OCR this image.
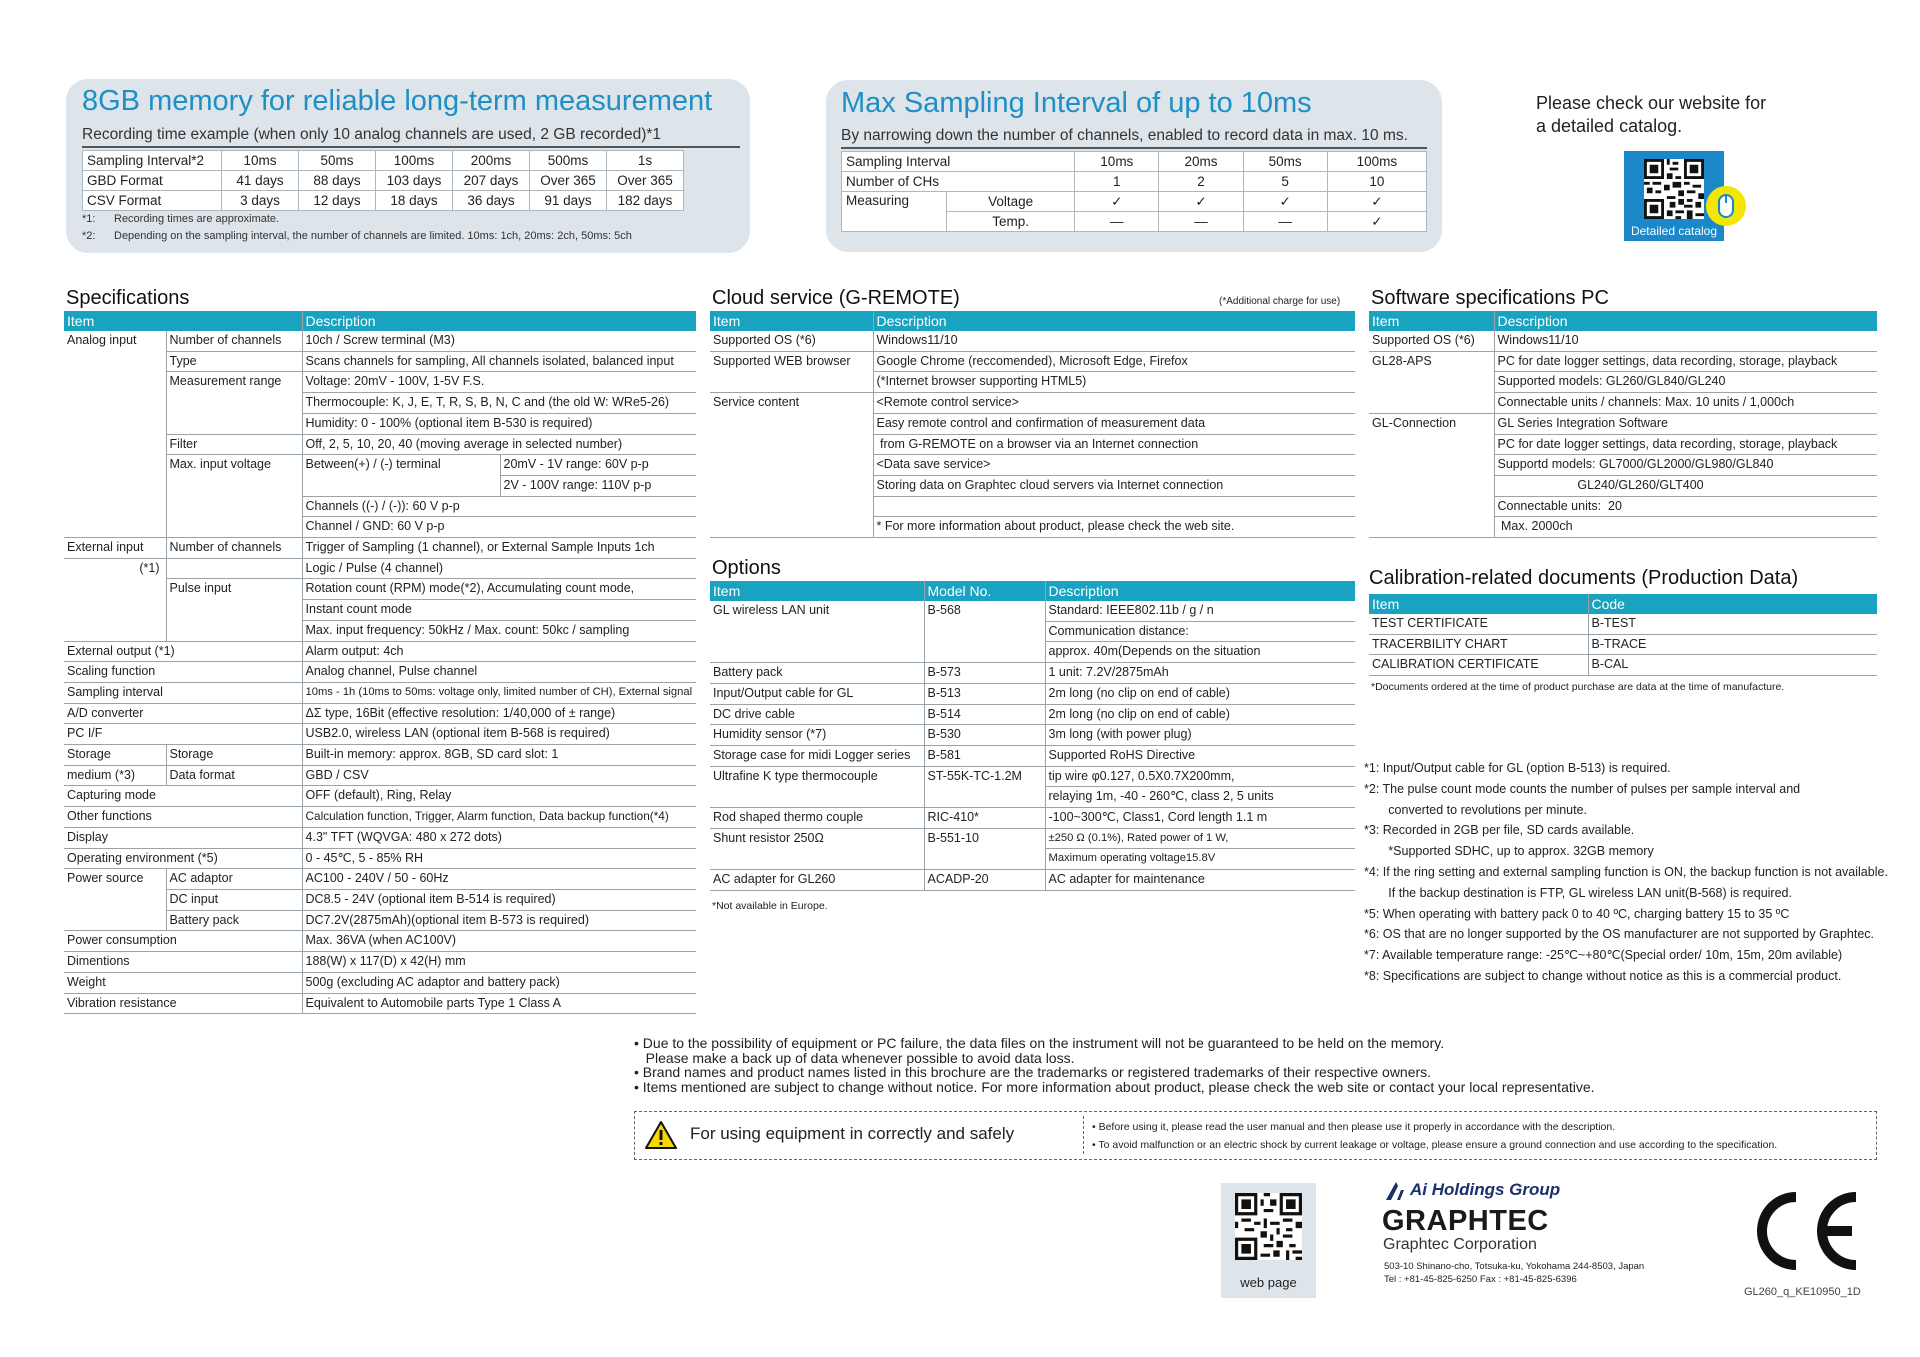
8GB memory for reliable long-term measurement
Recording time example (when only 10 analog channels are used, 2 GB recorded)*1
Sampling Interval*2	10ms	50ms	100ms	200ms	500ms	1s
GBD Format	41 days	88 days	103 days	207 days	Over 365	Over 365
CSV Format	3 days	12 days	18 days	36 days	91 days	182 days
*1: Recording times are approximate.
*2: Depending on the sampling interval, the number of channels are limited. 10ms: 1ch, 20ms: 2ch, 50ms: 5ch
Max Sampling Interval of up to 10ms
By narrowing down the number of channels, enabled to record data in max. 10 ms.
Sampling Interval		10ms	20ms	50ms	100ms
Number of CHs		1	2	5	10
Measuring	Voltage	✓	✓	✓	✓
	Temp.	—	—	—	✓
Please check our website for
a detailed catalog.
Detailed catalog
Specifications
Item		Description	
Analog input	Number of channels	10ch / Screw terminal (M3)	
	Type	Scans channels for sampling, All channels isolated, balanced input	
	Measurement range	Voltage: 20mV - 100V, 1-5V F.S.	
		Thermocouple: K, J, E, T, R, S, B, N, C and (the old W: WRe5-26)	
		Humidity: 0 - 100% (optional item B-530 is required)	
	Filter	Off, 2, 5, 10, 20, 40 (moving average in selected number)	
	Max. input voltage	Between(+) / (-) terminal	20mV - 1V range: 60V p-p
			2V - 100V range: 110V p-p
		Channels ((-) / (-)): 60 V p-p	
		Channel / GND: 60 V p-p	
External input	Number of channels	Trigger of Sampling (1 channel), or External Sample Inputs 1ch	
(*1)		Logic / Pulse (4 channel)	
	Pulse input	Rotation count (RPM) mode(*2), Accumulating count mode,	
		Instant count mode	
		Max. input frequency: 50kHz / Max. count: 50kc / sampling	
External output (*1)		Alarm output: 4ch	
Scaling function		Analog channel, Pulse channel	
Sampling interval		10ms - 1h (10ms to 50ms: voltage only, limited number of CH), External signal	
A/D converter		ΔΣ type, 16Bit (effective resolution: 1/40,000 of ± range)	
PC I/F		USB2.0, wireless LAN (optional item B-568 is required)	
Storage	Storage	Built-in memory: approx. 8GB, SD card slot: 1	
medium (*3)	Data format	GBD / CSV	
Capturing mode		OFF (default), Ring, Relay	
Other functions		Calculation function, Trigger, Alarm function, Data backup function(*4)	
Display		4.3" TFT (WQVGA: 480 x 272 dots)	
Operating environment (*5)		0 - 45℃, 5 - 85% RH	
Power source	AC adaptor	AC100 - 240V / 50 - 60Hz	
	DC input	DC8.5 - 24V (optional item B-514 is required)	
	Battery pack	DC7.2V(2875mAh)(optional item B-573 is required)	
Power consumption		Max. 36VA (when AC100V)	
Dimentions		188(W) x 117(D) x 42(H) mm	
Weight		500g (excluding AC adaptor and battery pack)	
Vibration resistance		Equivalent to Automobile parts Type 1 Class A	
Cloud service (G-REMOTE)	(*Additional charge for use)
Item	Description
Supported OS (*6)	Windows11/10
Supported WEB browser	Google Chrome (reccomended), Microsoft Edge, Firefox
	(*Internet browser supporting HTML5)
Service content	<Remote control service>
	Easy remote control and confirmation of measurement data
	from G-REMOTE on a browser via an Internet connection
	<Data save service>
	Storing data on Graphtec cloud servers via Internet connection

	* For more information about product, please check the web site.
Options
Item	Model No.	Description
GL wireless LAN unit	B-568	Standard: IEEE802.11b / g / n
		Communication distance:
		approx. 40m(Depends on the situation
Battery pack	B-573	1 unit: 7.2V/2875mAh
Input/Output cable for GL	B-513	2m long (no clip on end of cable)
DC drive cable	B-514	2m long (no clip on end of cable)
Humidity sensor (*7)	B-530	3m long (with power plug)
Storage case for midi Logger series	B-581	Supported RoHS Directive
Ultrafine K type thermocouple	ST-55K-TC-1.2M	tip wire φ0.127, 0.5X0.7X200mm,
		relaying 1m, -40 - 260℃, class 2, 5 units
Rod shaped thermo couple	RIC-410*	-100~300℃, Class1, Cord length 1.1 m
Shunt resistor 250Ω	B-551-10	±250 Ω (0.1%), Rated power of 1 W,
		Maximum operating voltage15.8V
AC adapter for GL260	ACADP-20	AC adapter for maintenance
*Not available in Europe.
Software specifications PC
Item	Description
Supported OS (*6)	Windows11/10
GL28-APS	PC for date logger settings, data recording, storage, playback
	Supported models: GL260/GL840/GL240
	Connectable units / channels: Max. 10 units / 1,000ch
GL-Connection	GL Series Integration Software
	PC for date logger settings, data recording, storage, playback
	Supportd models: GL7000/GL2000/GL980/GL840
	GL240/GL260/GLT400
	Connectable units:  20
	Max. 2000ch
Calibration-related documents (Production Data)
Item	Code
TEST CERTIFICATE	B-TEST
TRACERBILITY CHART	B-TRACE
CALIBRATION CERTIFICATE	B-CAL
*Documents ordered at the time of product purchase are data at the time of manufacture.
*1: Input/Output cable for GL (option B-513) is required.
*2: The pulse count mode counts the number of pulses per sample interval and
converted to revolutions per minute.
*3: Recorded in 2GB per file, SD cards available.
*Supported SDHC, up to approx. 32GB memory
*4: If the ring setting and external sampling function is ON, the backup function is not available.
If the backup destination is FTP, GL wireless LAN unit(B-568) is required.
*5: When operating with battery pack 0 to 40 ºC, charging battery 15 to 35 ºC
*6: OS that are no longer supported by the OS manufacturer are not supported by Graphtec.
*7: Available temperature range: -25℃~+80℃(Special order/ 10m, 15m, 20m avilable)
*8: Specifications are subject to change without notice as this is a commercial product.
• Due to the possibility of equipment or PC failure, the data files on the instrument will not be guaranteed to be held on the memory.
Please make a back up of data whenever possible to avoid data loss.
• Brand names and product names listed in this brochure are the trademarks or registered trademarks of their respective owners.
• Items mentioned are subject to change without notice. For more information about product, please check the web site or contact your local representative.
For using equipment in correctly and safely	• Before using it, please read the user manual and then please use it properly in accordance with the description.
• To avoid malfunction or an electric shock by current leakage or voltage, please ensure a ground connection and use according to the specification.
web page
Ai Holdings Group
GRAPHTEC
Graphtec Corporation
503-10 Shinano-cho, Totsuka-ku, Yokohama 244-8503, Japan
Tel : +81-45-825-6250 Fax : +81-45-825-6396
GL260_q_KE10950_1D
